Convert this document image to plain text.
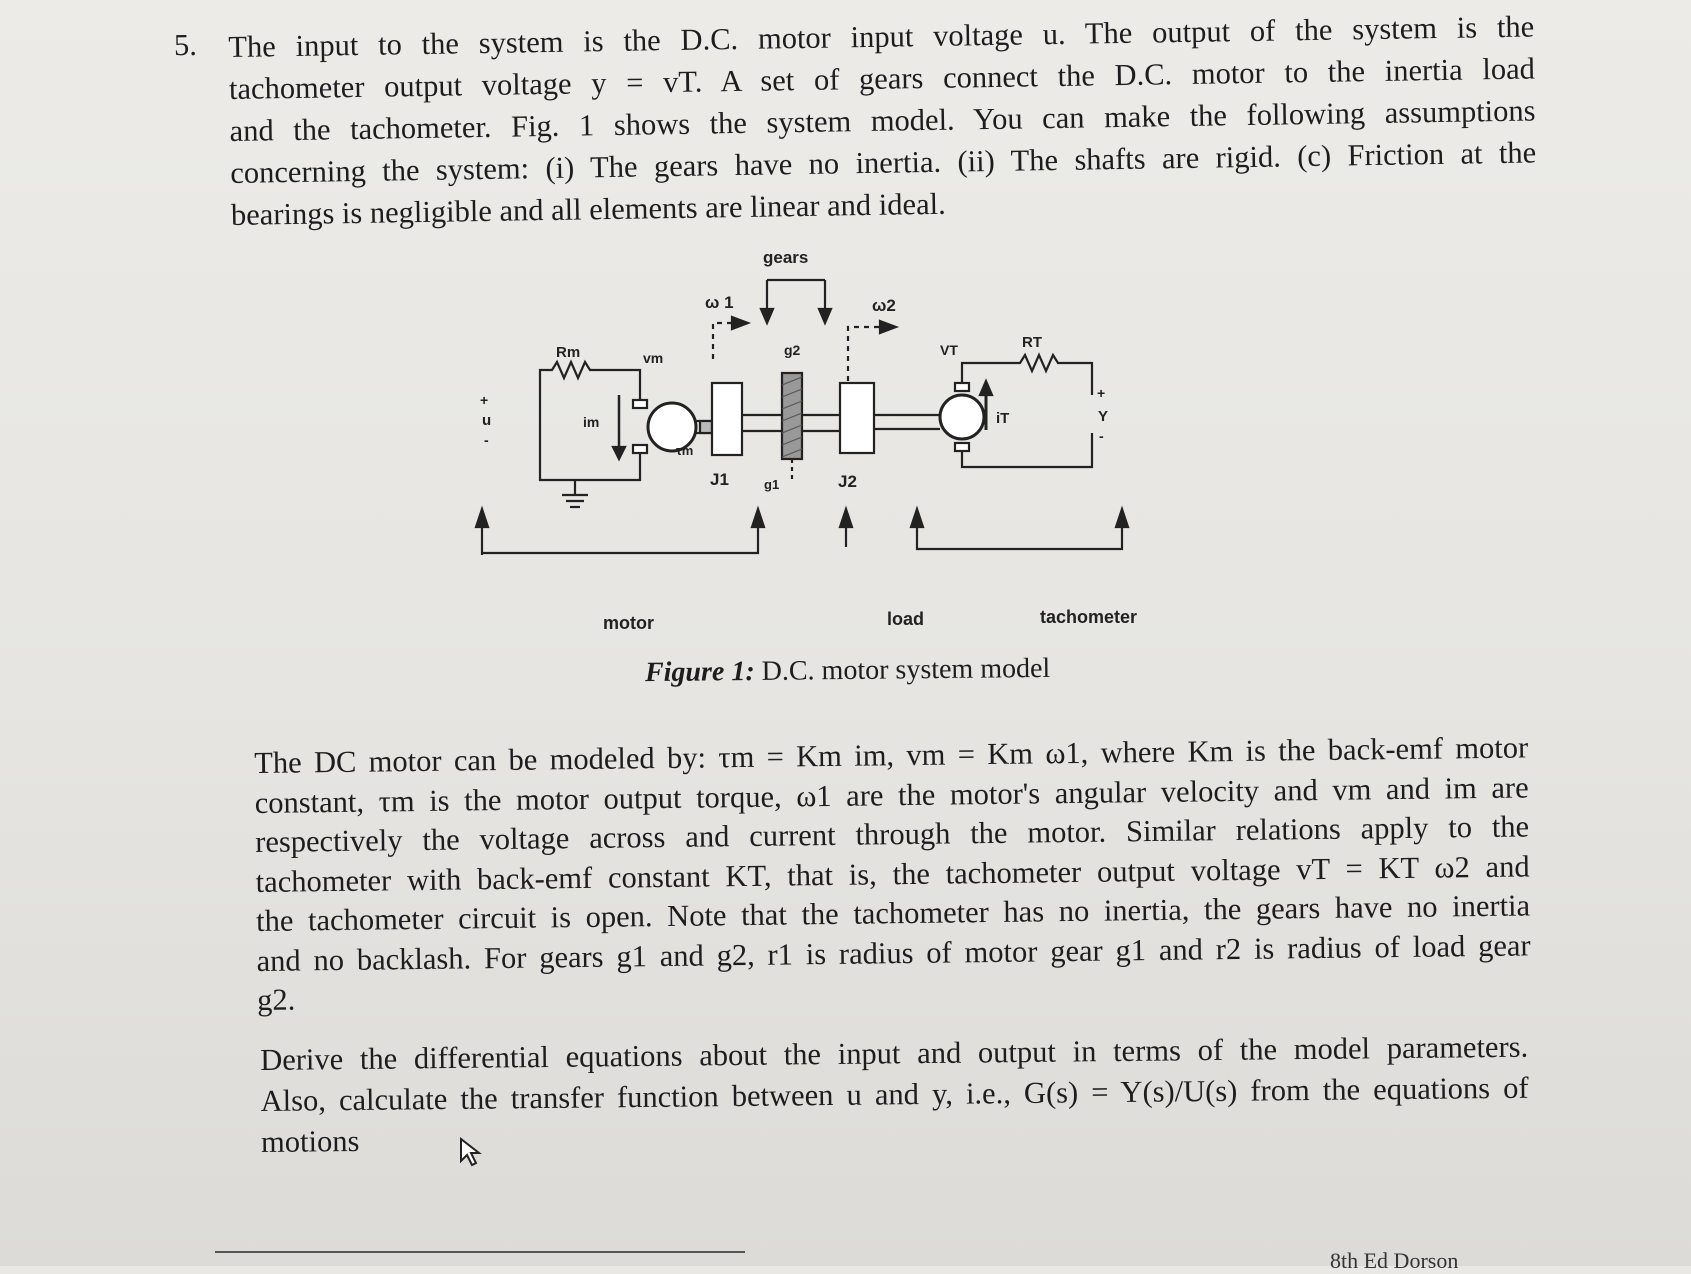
5. The input to the system is the D.C. motor input voltage u. The output of the system is the
tachometer output voltage y = vT. A set of gears connect the D.C. motor to the inertia load
and the tachometer. Fig. 1 shows the system model. You can make the following assumptions
concerning the system: (i) The gears have no inertia. (ii) The shafts are rigid. (c) Friction at the
bearings is negligible and all elements are linear and ideal.
gears
ω 1	ω2
g2
Rm	vm
RT
VT
+
u
-
im
τm
J1	g1	J2
iT
+
Y
-
motor	load	tachometer
Figure 1: D.C. motor system model
The DC motor can be modeled by: τm = Km im, vm = Km ω1, where Km is the back-emf motor
constant, τm is the motor output torque, ω1 are the motor's angular velocity and vm and im are
respectively the voltage across and current through the motor. Similar relations apply to the
tachometer with back-emf constant KT, that is, the tachometer output voltage vT = KT ω2 and
the tachometer circuit is open. Note that the tachometer has no inertia, the gears have no inertia
and no backlash. For gears g1 and g2, r1 is radius of motor gear g1 and r2 is radius of load gear
g2.
Derive the differential equations about the input and output in terms of the model parameters.
Also, calculate the transfer function between u and y, i.e., G(s) = Y(s)/U(s) from the equations of
motions
8th Ed Dorson
